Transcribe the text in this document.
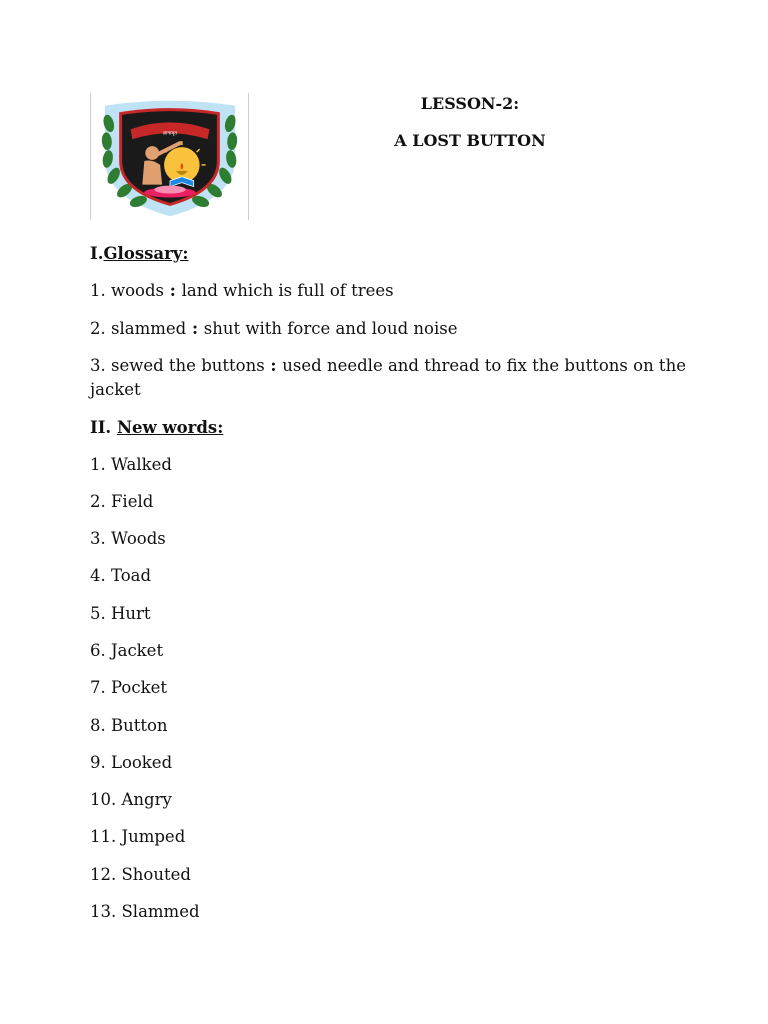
ज्ञानामृत

LESSON-2:

A LOST BUTTON

I.Glossary:

1. woods : land which is full of trees

2. slammed : shut with force and loud noise

3. sewed the buttons : used needle and thread to fix the buttons on the jacket

II. New words:

1. Walked
2. Field
3. Woods
4. Toad
5. Hurt
6. Jacket
7. Pocket
8. Button
9. Looked
10. Angry
11. Jumped
12. Shouted
13. Slammed
